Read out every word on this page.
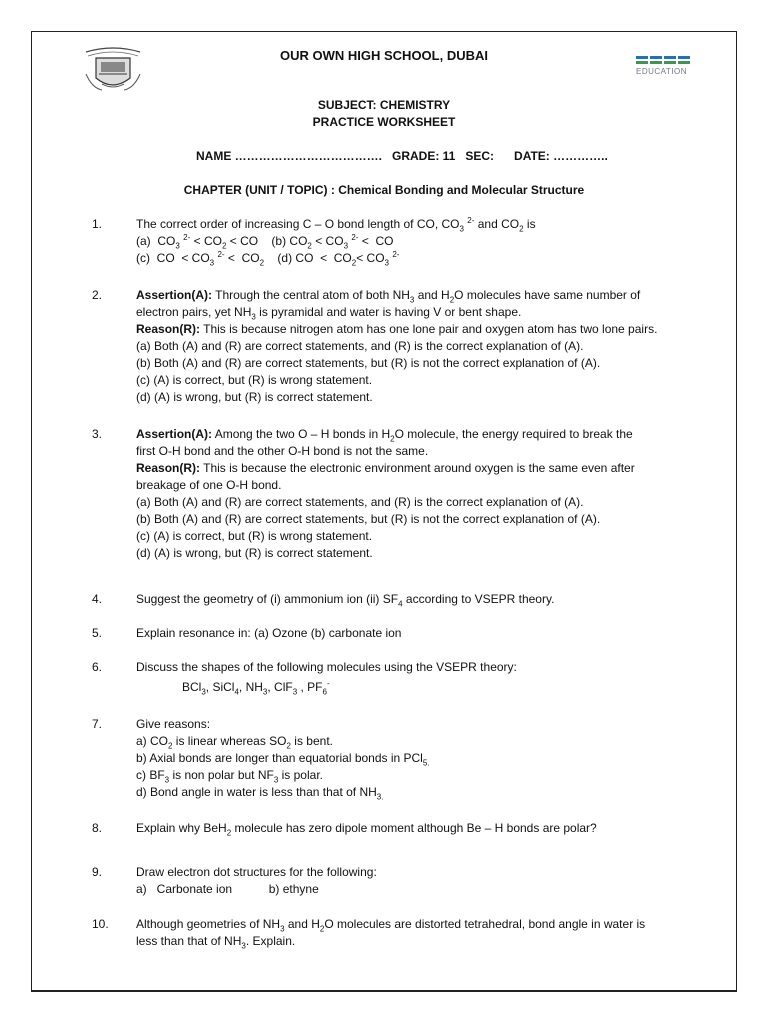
EDUCATION
OUR OWN HIGH SCHOOL, DUBAI
SUBJECT: CHEMISTRY
PRACTICE WORKSHEET
NAME ……………………………….   GRADE: 11   SEC:      DATE: …………..
CHAPTER (UNIT / TOPIC) : Chemical Bonding and Molecular Structure
1.	The correct order of increasing C – O bond length of CO, $CO_3$ $^{2-}$ and $CO_2$ is
(a)  $CO_3$ $^{2-} < CO_2$ < CO    (b) $CO_2 < CO_3$ $^{2-}$ <  CO
(c)  CO  < $CO_3$ $^{2-} < CO_2$    (d) CO  <  $CO_2< CO_3$ $^{2-}$
2.	Assertion(A): Through the central atom of both $NH_3$ and $H_2O$ molecules have same number of
electron pairs, yet $NH_3$ is pyramidal and water is having V or bent shape.
Reason(R): This is because nitrogen atom has one lone pair and oxygen atom has two lone pairs.
(a) Both (A) and (R) are correct statements, and (R) is the correct explanation of (A).
(b) Both (A) and (R) are correct statements, but (R) is not the correct explanation of (A).
(c) (A) is correct, but (R) is wrong statement.
(d) (A) is wrong, but (R) is correct statement.
3.	Assertion(A): Among the two O – H bonds in $H_2O$ molecule, the energy required to break the
first O-H bond and the other O-H bond is not the same.
Reason(R): This is because the electronic environment around oxygen is the same even after
breakage of one O-H bond.
(a) Both (A) and (R) are correct statements, and (R) is the correct explanation of (A).
(b) Both (A) and (R) are correct statements, but (R) is not the correct explanation of (A).
(c) (A) is correct, but (R) is wrong statement.
(d) (A) is wrong, but (R) is correct statement.
4.	Suggest the geometry of (i) ammonium ion (ii) $SF_4$ according to VSEPR theory.
5.	Explain resonance in: (a) Ozone (b) carbonate ion
6.	Discuss the shapes of the following molecules using the VSEPR theory:
BCl$_3$, SiCl$_4$, $NH_3$, ClF$_3$ , $PF_6^-$
7.	Give reasons:
a) $CO_2$ is linear whereas $SO_2$ is bent.
b) Axial bonds are longer than equatorial bonds in PCl$_{5.}$
c) $BF_3$ is non polar but $NF_3$ is polar.
d) Bond angle in water is less than that of $NH_{3.}$
8.	Explain why BeH$_2$ molecule has zero dipole moment although Be – H bonds are polar?
9.	Draw electron dot structures for the following:
a)   Carbonate ion           b) ethyne
10. Although geometries of $NH_3$ and $H_2O$ molecules are distorted tetrahedral, bond angle in water is
less than that of $NH_3$. Explain.
